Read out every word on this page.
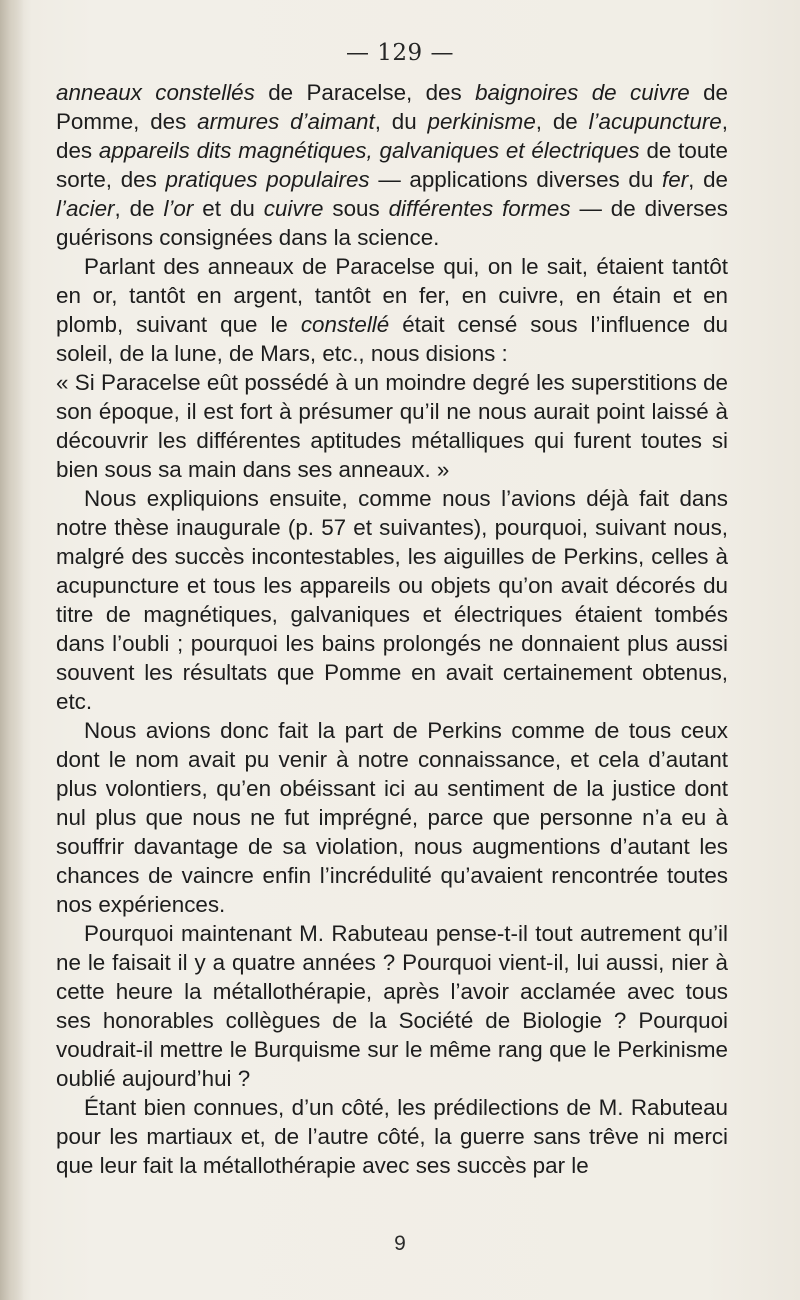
— 129 —

anneaux constellés de Paracelse, des baignoires de cuivre de Pomme, des armures d’aimant, du perkinisme, de l’acupuncture, des appareils dits magnétiques, galvaniques et électriques de toute sorte, des pratiques populaires — applications diverses du fer, de l’acier, de l’or et du cuivre sous différentes formes — de diverses guérisons consignées dans la science.

Parlant des anneaux de Paracelse qui, on le sait, étaient tantôt en or, tantôt en argent, tantôt en fer, en cuivre, en étain et en plomb, suivant que le constellé était censé sous l’influence du soleil, de la lune, de Mars, etc., nous disions :

« Si Paracelse eût possédé à un moindre degré les superstitions de son époque, il est fort à présumer qu’il ne nous aurait point laissé à découvrir les différentes aptitudes métalliques qui furent toutes si bien sous sa main dans ses anneaux. »

Nous expliquions ensuite, comme nous l’avions déjà fait dans notre thèse inaugurale (p. 57 et suivantes), pourquoi, suivant nous, malgré des succès incontestables, les aiguilles de Perkins, celles à acupuncture et tous les appareils ou objets qu’on avait décorés du titre de magnétiques, galvaniques et électriques étaient tombés dans l’oubli ; pourquoi les bains prolongés ne donnaient plus aussi souvent les résultats que Pomme en avait certainement obtenus, etc.

Nous avions donc fait la part de Perkins comme de tous ceux dont le nom avait pu venir à notre connaissance, et cela d’autant plus volontiers, qu’en obéissant ici au sentiment de la justice dont nul plus que nous ne fut imprégné, parce que personne n’a eu à souffrir davantage de sa violation, nous augmentions d’autant les chances de vaincre enfin l’incrédulité qu’avaient rencontrée toutes nos expériences.

Pourquoi maintenant M. Rabuteau pense-t-il tout autrement qu’il ne le faisait il y a quatre années ? Pourquoi vient-il, lui aussi, nier à cette heure la métallothérapie, après l’avoir acclamée avec tous ses honorables collègues de la Société de Biologie ? Pourquoi voudrait-il mettre le Burquisme sur le même rang que le Perkinisme oublié aujourd’hui ?

Étant bien connues, d’un côté, les prédilections de M. Rabuteau pour les martiaux et, de l’autre côté, la guerre sans trêve ni merci que leur fait la métallothérapie avec ses succès par le

9
